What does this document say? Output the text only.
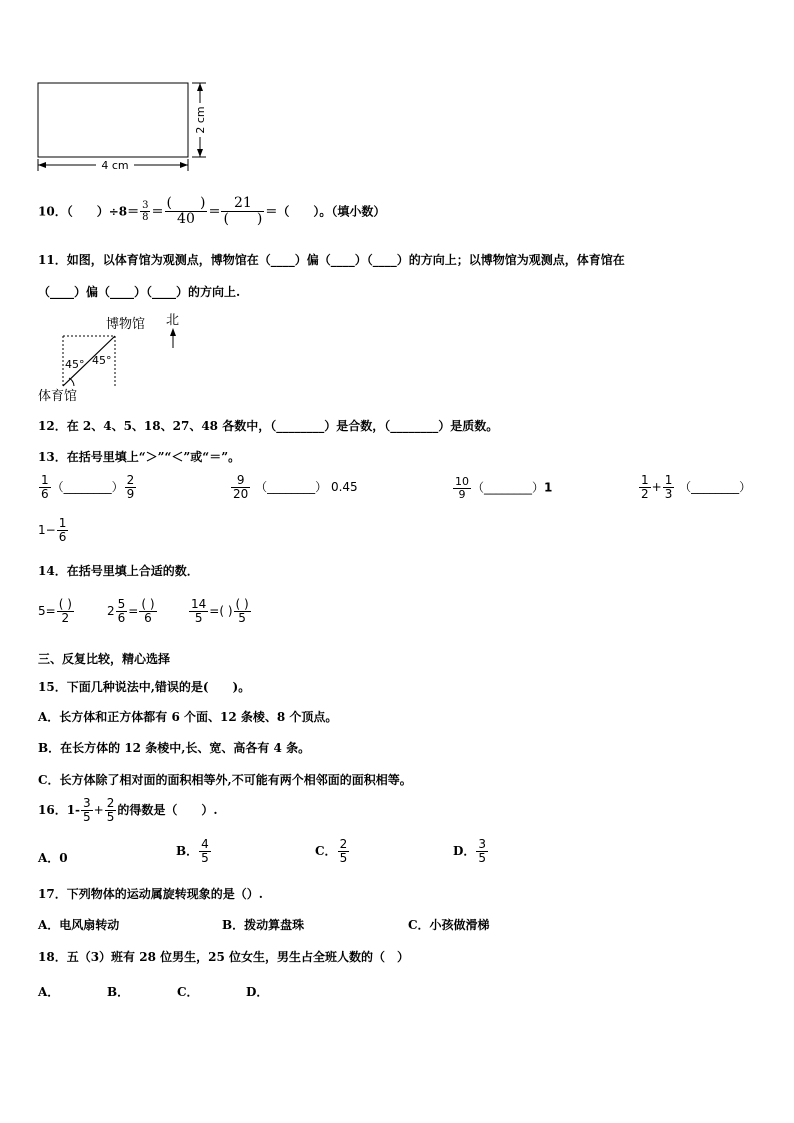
4 cm
2 cm
10．（　　）$\div 8= \frac{3}{8} = \frac{( )}{40} = \frac{21}{( )}$ ＝（　　）。（填小数）
11．如图，以体育馆为观测点，博物馆在（____）偏（____）（____）的方向上；以博物馆为观测点，体育馆在
（____）偏（____）（____）的方向上.
博物馆
体育馆
北
45° 45°
12．在 2、4、5、18、27、48 各数中，（________）是合数，（________）是质数。
13．在括号里填上“＞”“＜”或“＝”。
$\frac{1}{6}$ （________） $\frac{2}{9}$	$\frac{9}{20}$ （________） 0.45	$\frac{10}{9}$ （________）1	$\frac{1}{2} + \frac{1}{3}$ （________）
$1- \frac{1}{6}$
14．在括号里填上合适的数．
$5= \frac{( )}{2}$	$2 \frac{5}{6} = \frac{( )}{6}$	$\frac{14}{5}$ =( ) $\frac{( )}{5}$
三、反复比较，精心选择
15．下面几种说法中,错误的是(　　)。
A．长方体和正方体都有 6 个面、12 条棱、8 个顶点。
B．在长方体的 12 条棱中,长、宽、高各有 4 条。
C．长方体除了相对面的面积相等外,不可能有两个相邻面的面积相等。
16．$1- \frac{3}{5} + \frac{2}{5}$ 的得数是（　　）.
A．0	B． $\frac{4}{5}$	C． $\frac{2}{5}$	D． $\frac{3}{5}$
17．下列物体的运动属旋转现象的是（）.
A．电风扇转动	B．拨动算盘珠	C．小孩做滑梯
18．五（3）班有 28 位男生，25 位女生，男生占全班人数的（　）
A．	B．	C．	D．
